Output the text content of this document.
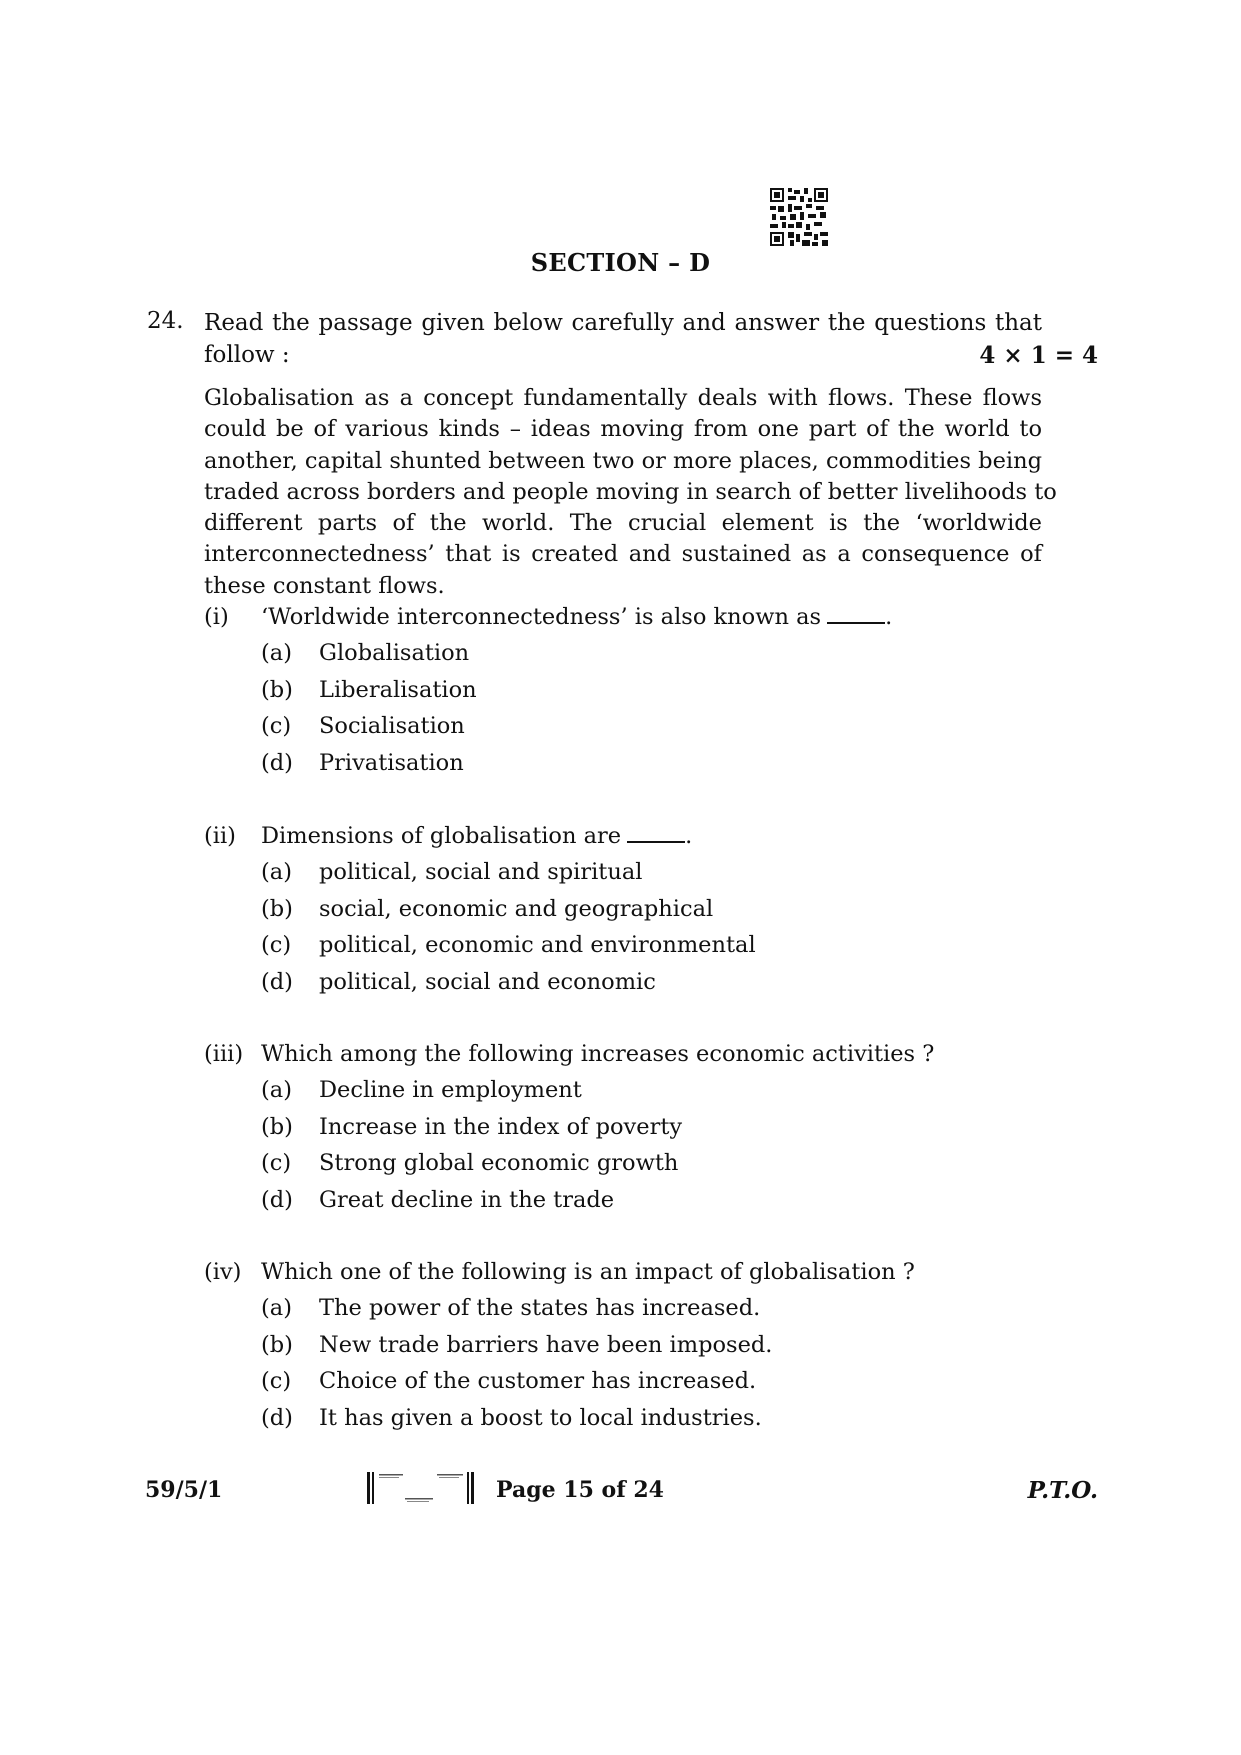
SECTION – D
24. Read the passage given below carefully and answer the questions that
follow :	4 × 1 = 4
Globalisation as a concept fundamentally deals with flows. These flows
could be of various kinds – ideas moving from one part of the world to
another, capital shunted between two or more places, commodities being
traded across borders and people moving in search of better livelihoods to
different parts of the world. The crucial element is the ‘worldwide
interconnectedness’ that is created and sustained as a consequence of
these constant flows.
(i) ‘Worldwide interconnectedness’ is also known as	.
(a) Globalisation
(b) Liberalisation
(c) Socialisation
(d) Privatisation
(ii) Dimensions of globalisation are	.
(a) political, social and spiritual
(b) social, economic and geographical
(c) political, economic and environmental
(d) political, social and economic
(iii) Which among the following increases economic activities ?
(a) Decline in employment
(b) Increase in the index of poverty
(c) Strong global economic growth
(d) Great decline in the trade
(iv) Which one of the following is an impact of globalisation ?
(a) The power of the states has increased.
(b) New trade barriers have been imposed.
(c) Choice of the customer has increased.
(d) It has given a boost to local industries.
59/5/1	Page 15 of 24	P.T.O.
